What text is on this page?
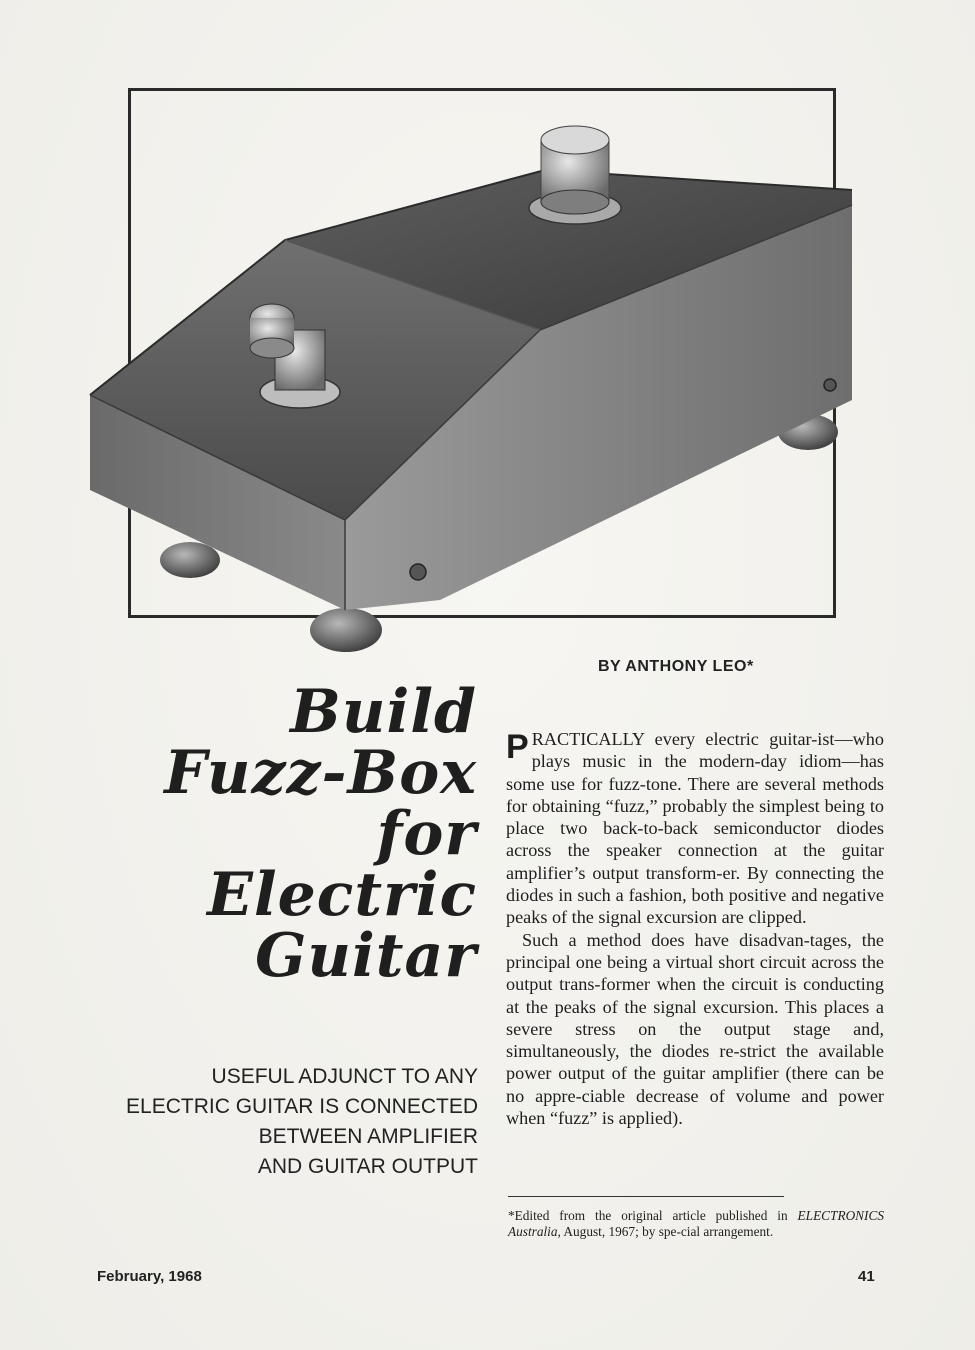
BY ANTHONY LEO*
Build
Fuzz-Box
for
Electric
Guitar
USEFUL ADJUNCT TO ANY
ELECTRIC GUITAR IS CONNECTED
BETWEEN AMPLIFIER
AND GUITAR OUTPUT

PRACTICALLY every electric guitar-ist—who plays music in the modern-day idiom—has some use for fuzz-tone. There are several methods for obtaining “fuzz,” probably the simplest being to place two back-to-back semiconductor diodes across the speaker connection at the guitar amplifier’s output transform-er. By connecting the diodes in such a fashion, both positive and negative peaks of the signal excursion are clipped.

Such a method does have disadvan-tages, the principal one being a virtual short circuit across the output trans-former when the circuit is conducting at the peaks of the signal excursion. This places a severe stress on the output stage and, simultaneously, the diodes re-strict the available power output of the guitar amplifier (there can be no appre-ciable decrease of volume and power when “fuzz” is applied).

*Edited from the original article published in ELECTRONICS Australia, August, 1967; by spe-cial arrangement.
February, 1968	41
